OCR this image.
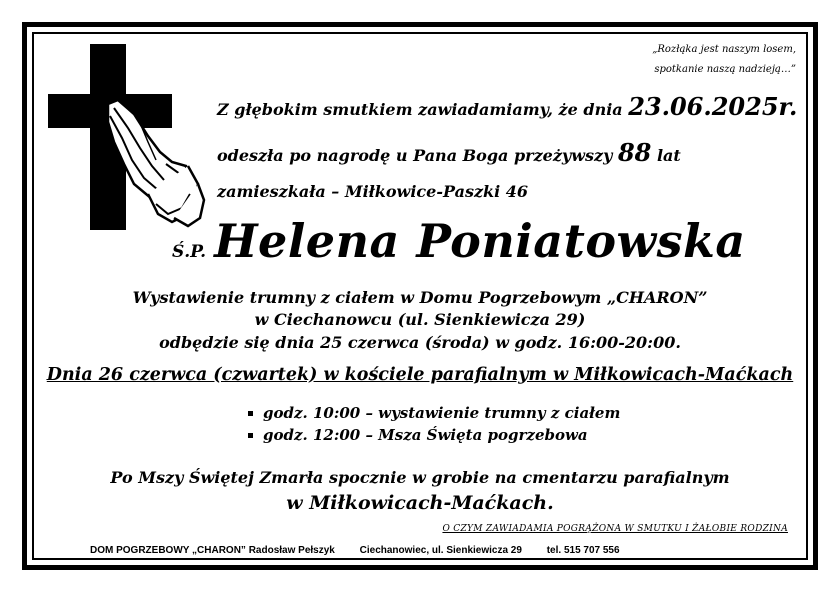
„Rozłąka jest naszym losem,
spotkanie naszą nadzieją…”
Z głębokim smutkiem zawiadamiamy, że dnia 23.06.2025r.
odeszła po nagrodę u Pana Boga przeżywszy 88 lat
zamieszkała – Miłkowice-Paszki 46
Ś.P. Helena Poniatowska
Wystawienie trumny z ciałem w Domu Pogrzebowym „CHARON”
w Ciechanowcu (ul. Sienkiewicza 29)
odbędzie się dnia 25 czerwca (środa) w godz. 16:00-20:00.
Dnia 26 czerwca (czwartek) w kościele parafialnym w Miłkowicach-Maćkach
godz. 10:00 – wystawienie trumny z ciałem
godz. 12:00 – Msza Święta pogrzebowa
Po Mszy Świętej Zmarła spocznie w grobie na cmentarzu parafialnym
w Miłkowicach-Maćkach.
O CZYM ZAWIADAMIA POGRĄŻONA W SMUTKU I ŻAŁOBIE RODZINA
DOM POGRZEBOWY „CHARON” Radosław Pełszyk Ciechanowiec, ul. Sienkiewicza 29 tel. 515 707 556
